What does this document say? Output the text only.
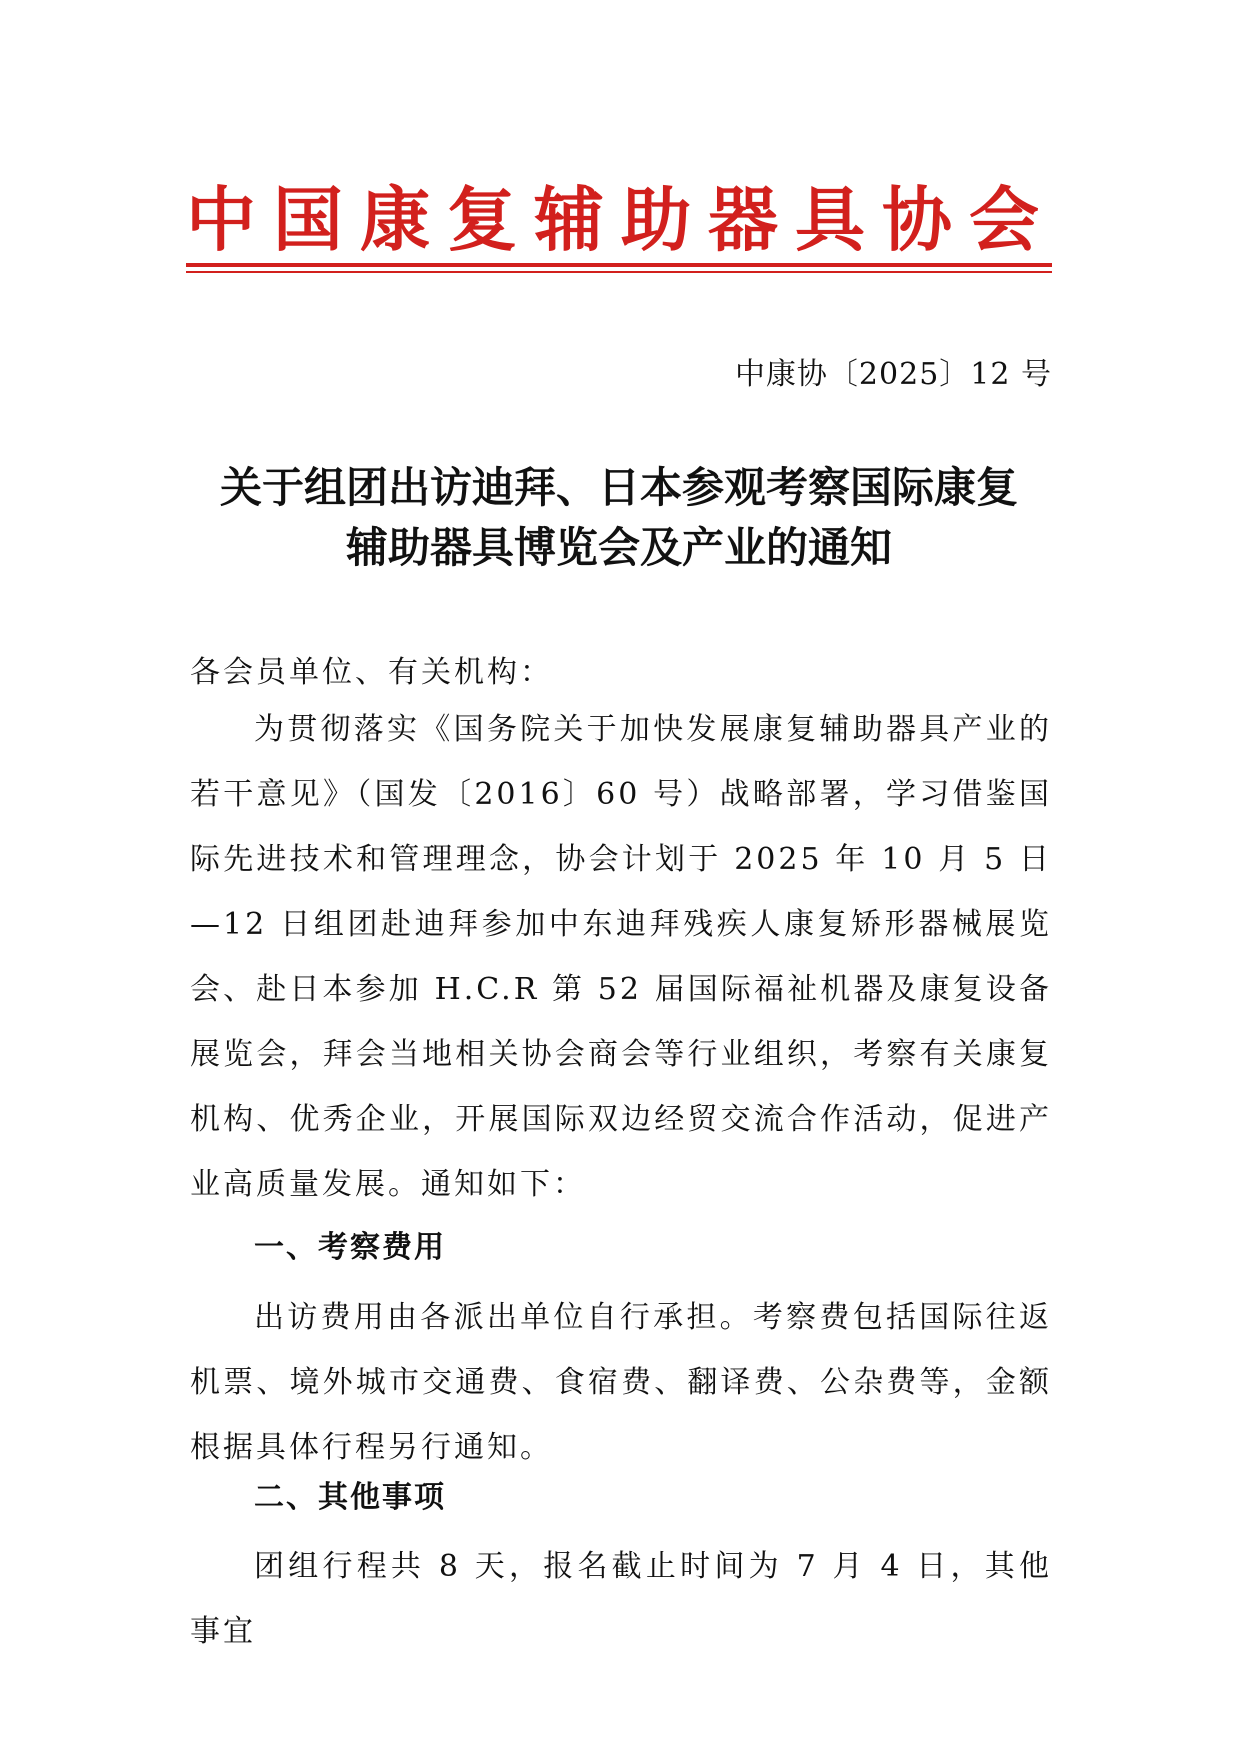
中国康复辅助器具协会
中康协〔2025〕12 号
关于组团出访迪拜、日本参观考察国际康复
辅助器具博览会及产业的通知
各会员单位、有关机构：
为贯彻落实《国务院关于加快发展康复辅助器具产业的若干意见》（国发〔2016〕60 号）战略部署，学习借鉴国际先进技术和管理理念，协会计划于 2025 年 10 月 5 日—12 日组团赴迪拜参加中东迪拜残疾人康复矫形器械展览会、赴日本参加 H.C.R 第 52 届国际福祉机器及康复设备展览会，拜会当地相关协会商会等行业组织，考察有关康复机构、优秀企业，开展国际双边经贸交流合作活动，促进产业高质量发展。通知如下：
一、考察费用
出访费用由各派出单位自行承担。考察费包括国际往返机票、境外城市交通费、食宿费、翻译费、公杂费等，金额根据具体行程另行通知。
二、其他事项
团组行程共 8 天，报名截止时间为 7 月 4 日，其他事宜
